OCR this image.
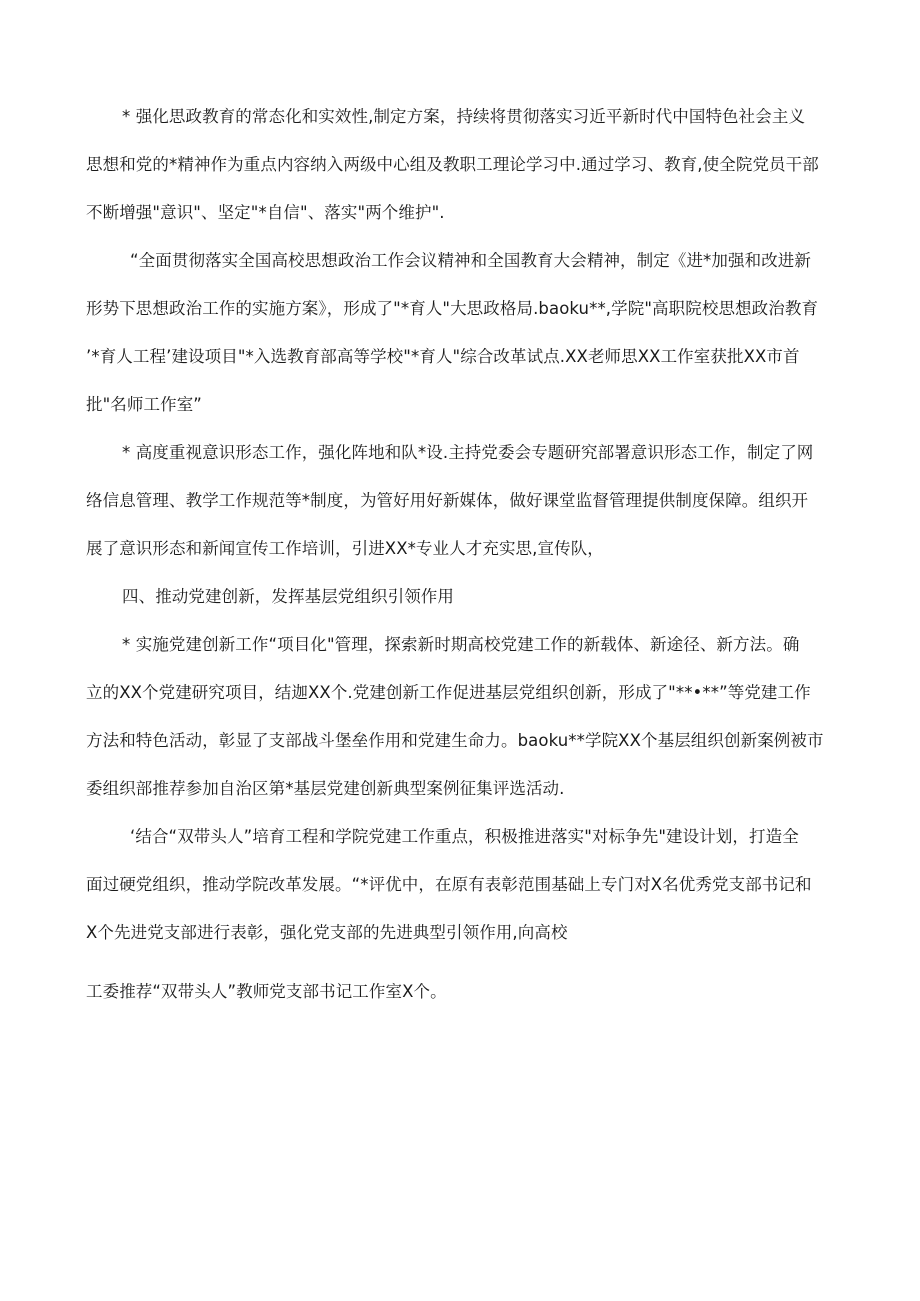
* 强化思政教育的常态化和实效性,制定方案，持续将贯彻落实习近平新时代中国特色社会主义
思想和党的*精神作为重点内容纳入两级中心组及教职工理论学习中.通过学习、教育,使全院党员干部
不断增强"意识"、坚定"*自信"、落实"两个维护".
“全面贯彻落实全国高校思想政治工作会议精神和全国教育大会精神，制定《进*加强和改进新
形势下思想政治工作的实施方案》，形成了"*育人"大思政格局.baoku**,学院"高职院校思想政治教育
’*育人工程’建设项目"*入选教育部高等学校"*育人"综合改革试点.XX老师思XX工作室获批XX市首
批"名师工作室”
* 高度重视意识形态工作，强化阵地和队*设.主持党委会专题研究部署意识形态工作，制定了网
络信息管理、教学工作规范等*制度，为管好用好新媒体，做好课堂监督管理提供制度保障。组织开
展了意识形态和新闻宣传工作培训，引进XX*专业人才充实思,宣传队，
四、推动党建创新，发挥基层党组织引领作用
* 实施党建创新工作“项目化"管理，探索新时期高校党建工作的新载体、新途径、新方法。确
立的XX个党建研究项目，结迦XX个.党建创新工作促进基层党组织创新，形成了"**•**”等党建工作
方法和特色活动，彰显了支部战斗堡垒作用和党建生命力。baoku**学院XX个基层组织创新案例被市
委组织部推荐参加自治区第*基层党建创新典型案例征集评选活动.
‘结合“双带头人”培育工程和学院党建工作重点，积极推进落实"对标争先"建设计划，打造全
面过硬党组织，推动学院改革发展。“*评优中，在原有表彰范围基础上专门对X名优秀党支部书记和
X个先进党支部进行表彰，强化党支部的先进典型引领作用,向高校
工委推荐“双带头人”教师党支部书记工作室X个。
